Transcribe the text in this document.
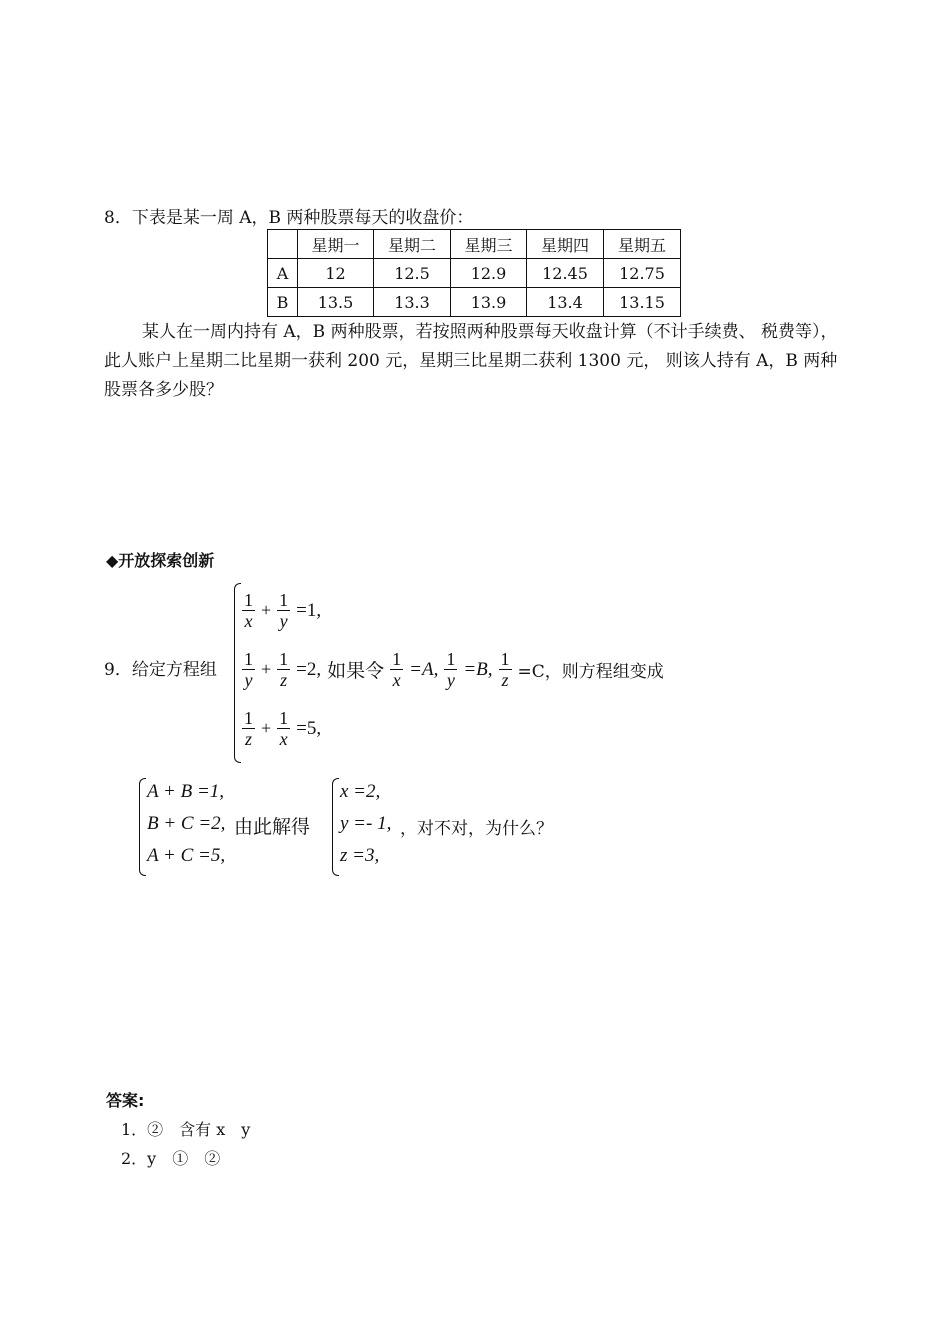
8．下表是某一周 A，B 两种股票每天的收盘价：
	星期一	星期二	星期三	星期四	星期五
A	12	12.5	12.9	12.45	12.75
B	13.5	13.3	13.9	13.4	13.15
某人在一周内持有 A，B 两种股票，若按照两种股票每天收盘计算（不计手续费、 税费等），此人账户上星期二比星期一获利 200 元，星期三比星期二获利 1300 元， 则该人持有 A，B 两种股票各多少股？
◆开放探索创新
9．给定方程组
$\frac{1}{x} + \frac{1}{y} =1$,
$\frac{1}{y} + \frac{1}{z} =2$, 如果令 $\frac{1}{x} =A$, $\frac{1}{y} =B$, $\frac{1}{z} =C$，则方程组变成
$\frac{1}{z} + \frac{1}{x} =5$,
A + B =1,
B + C =2,
A + C =5,
由此解得
x =2,
y =- 1,
z =3,
，对不对，为什么？
答案:
1．②　含有 x　y
2．y　①　②
